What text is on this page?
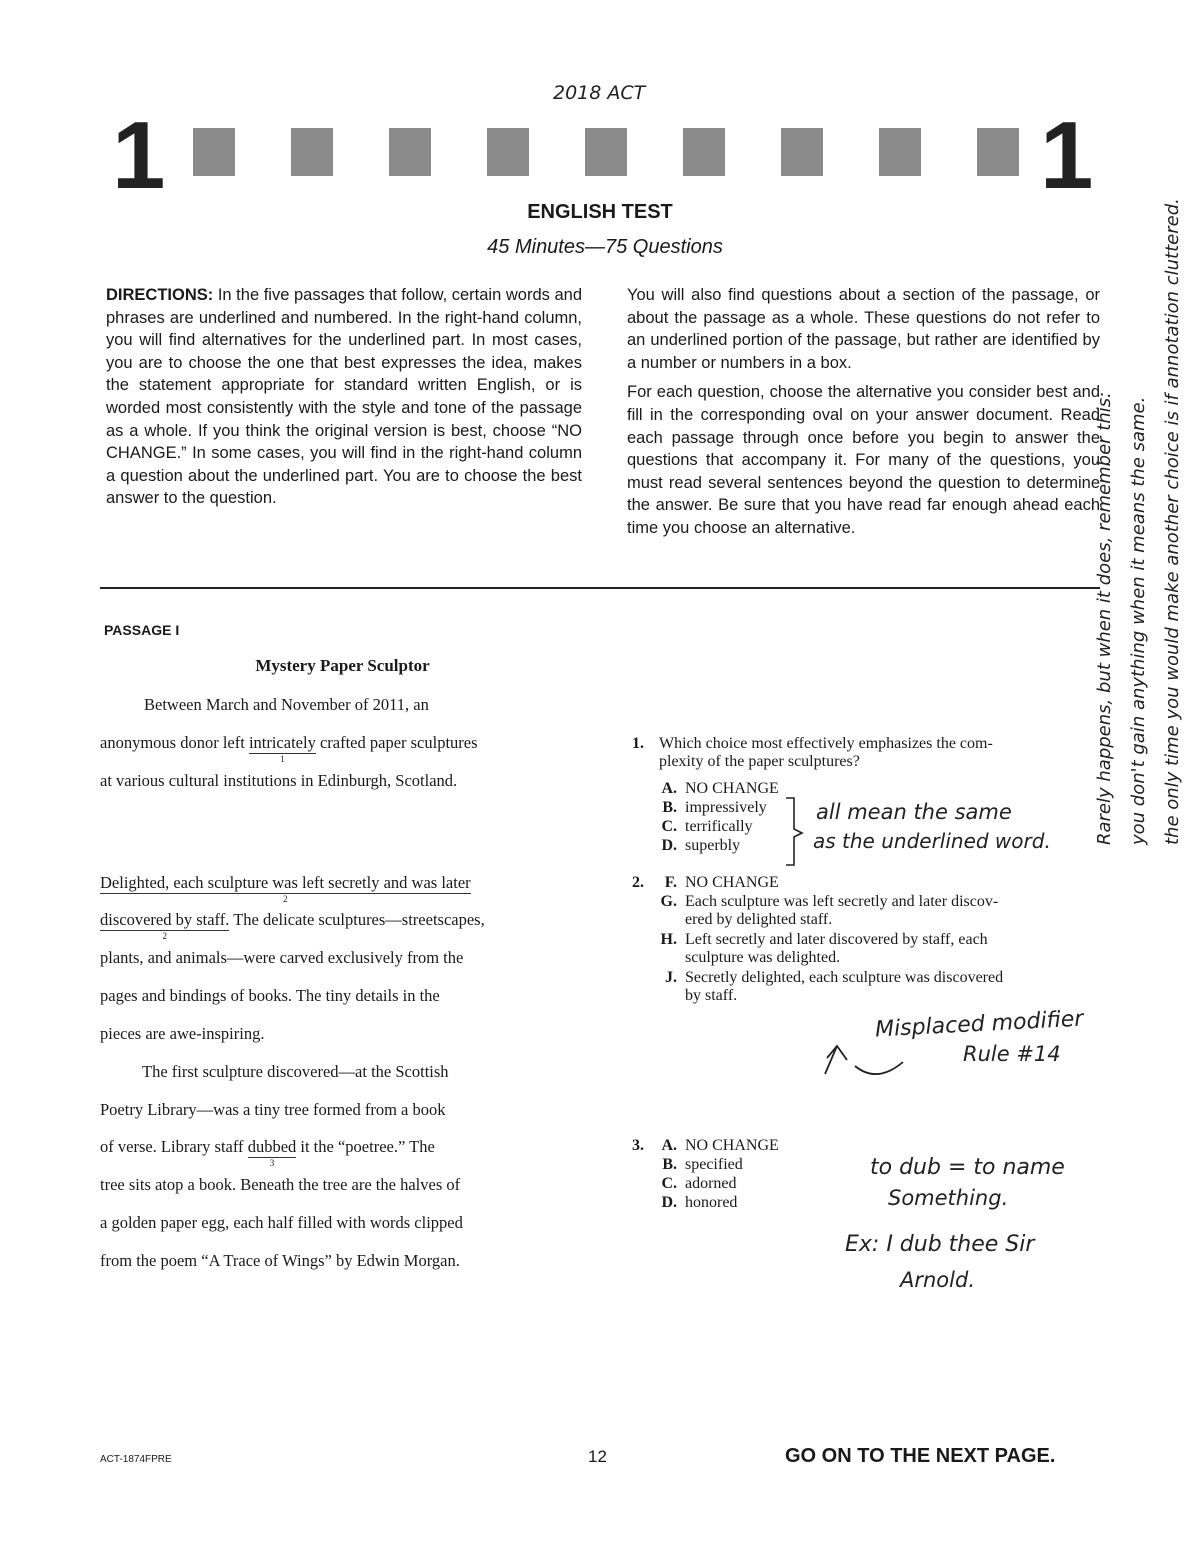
2018 ACT
1	1
ENGLISH TEST
45 Minutes—75 Questions

DIRECTIONS: In the five passages that follow, certain words and phrases are underlined and numbered. In the right-hand column, you will find alternatives for the underlined part. In most cases, you are to choose the one that best expresses the idea, makes the statement appropriate for standard written English, or is worded most consistently with the style and tone of the passage as a whole. If you think the original version is best, choose “NO CHANGE.” In some cases, you will find in the right-hand column a question about the underlined part. You are to choose the best answer to the question.

You will also find questions about a section of the passage, or about the passage as a whole. These questions do not refer to an underlined portion of the passage, but rather are identified by a number or numbers in a box.

For each question, choose the alternative you consider best and fill in the corresponding oval on your answer document. Read each passage through once before you begin to answer the questions that accompany it. For many of the questions, you must read several sentences beyond the question to determine the answer. Be sure that you have read far enough ahead each time you choose an alternative.

PASSAGE I
Mystery Paper Sculptor
Between March and November of 2011, an
anonymous donor left intricately
1
crafted paper sculptures
at various cultural institutions in Edinburgh, Scotland.
Delighted, each sculpture was left secretly and was later
2
discovered by staff.
2
The delicate sculptures—streetscapes,
plants, and animals—were carved exclusively from the
pages and bindings of books. The tiny details in the
pieces are awe-inspiring.
The first sculpture discovered—at the Scottish
Poetry Library—was a tiny tree formed from a book
of verse. Library staff dubbed
3
it the “poetree.” The
tree sits atop a book. Beneath the tree are the halves of
a golden paper egg, each half filled with words clipped
from the poem “A Trace of Wings” by Edwin Morgan.
1. Which choice most effectively emphasizes the com-
plexity of the paper sculptures?
A. NO CHANGE
B. impressively
C. terrifically
D. superbly
all mean the same
as the underlined word.
2.	F. NO CHANGE
G. Each sculpture was left secretly and later discov-
ered by delighted staff.
H. Left secretly and later discovered by staff, each
sculpture was delighted.
J. Secretly delighted, each sculpture was discovered
by staff.
Misplaced modifier
Rule #14
3.	A. NO CHANGE
B. specified
C. adorned
D. honored
to dub = to name
Something.
Ex: I dub thee Sir
Arnold.
Rarely happens, but when it does, remember this: you don't gain anything when it means the same. the only time you would make another choice is if annotation cluttered.
ACT-1874FPRE	12	GO ON TO THE NEXT PAGE.
